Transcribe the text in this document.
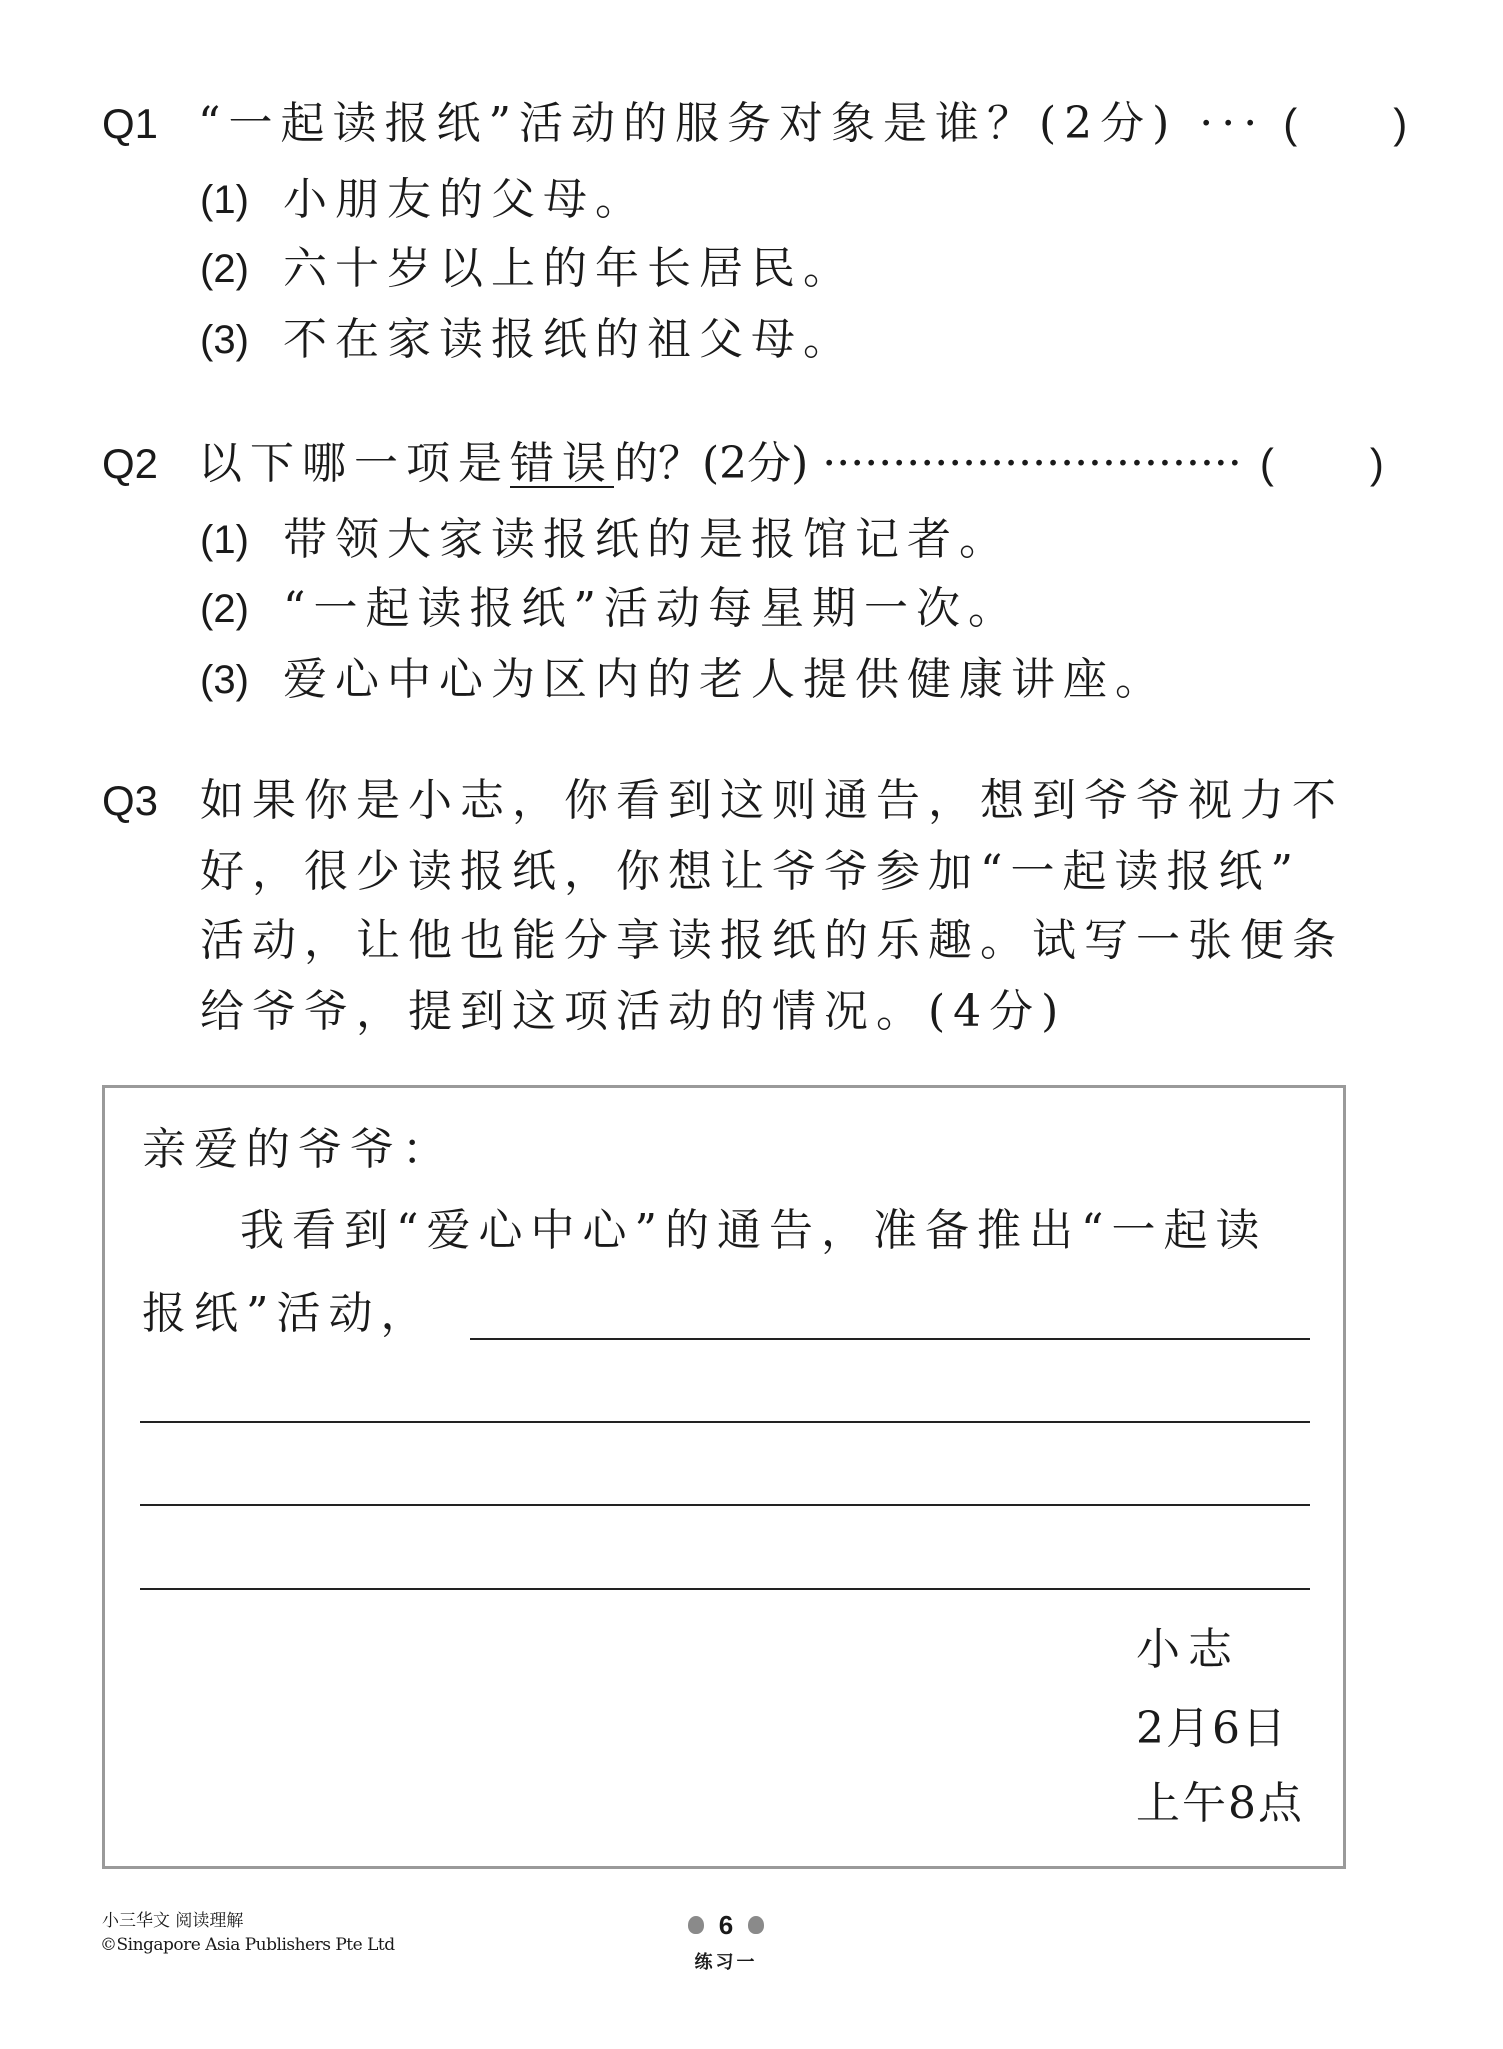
Q1 “一起读报纸”活动的服务对象是谁？(2分) ··· ( )
(1) 小朋友的父母。
(2) 六十岁以上的年长居民。
(3) 不在家读报纸的祖父母。
Q2 以下哪一项是 错误 的？(2分) ······························ ( )
(1) 带领大家读报纸的是报馆记者。
(2) “一起读报纸”活动每星期一次。
(3) 爱心中心为区内的老人提供健康讲座。
Q3 如果你是小志，你看到这则通告，想到爷爷视力不
好，很少读报纸，你想让爷爷参加“一起读报纸”
活动，让他也能分享读报纸的乐趣。试写一张便条
给爷爷，提到这项活动的情况。(4分)
亲爱的爷爷：
我看到“爱心中心”的通告，准备推出“一起读
报纸”活动，
小志
2月6日
上午8点
小三华文 阅读理解
©Singapore Asia Publishers Pte Ltd
6
练习一
